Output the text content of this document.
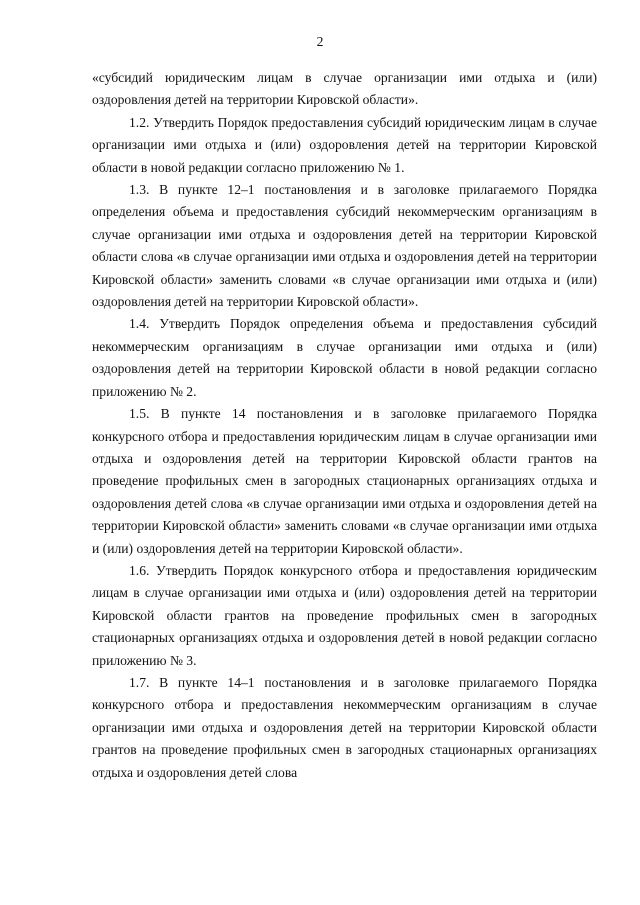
2

«субсидий юридическим лицам в случае организации ими отдыха и (или) оздоровления детей на территории Кировской области».

1.2. Утвердить Порядок предоставления субсидий юридическим лицам в случае организации ими отдыха и (или) оздоровления детей на территории Кировской области в новой редакции согласно приложению № 1.

1.3. В пункте 12–1 постановления и в заголовке прилагаемого Порядка определения объема и предоставления субсидий некоммерческим организациям в случае организации ими отдыха и оздоровления детей на территории Кировской области слова «в случае организации ими отдыха и оздоровления детей на территории Кировской области» заменить словами «в случае организации ими отдыха и (или) оздоровления детей на территории Кировской области».

1.4. Утвердить Порядок определения объема и предоставления субсидий некоммерческим организациям в случае организации ими отдыха и (или) оздоровления детей на территории Кировской области в новой редакции согласно приложению № 2.

1.5. В пункте 14 постановления и в заголовке прилагаемого Порядка конкурсного отбора и предоставления юридическим лицам в случае организации ими отдыха и оздоровления детей на территории Кировской области грантов на проведение профильных смен в загородных стационарных организациях отдыха и оздоровления детей слова «в случае организации ими отдыха и оздоровления детей на территории Кировской области» заменить словами «в случае организации ими отдыха и (или) оздоровления детей на территории Кировской области».

1.6. Утвердить Порядок конкурсного отбора и предоставления юридическим лицам в случае организации ими отдыха и (или) оздоровления детей на территории Кировской области грантов на проведение профильных смен в загородных стационарных организациях отдыха и оздоровления детей в новой редакции согласно приложению № 3.

1.7. В пункте 14–1 постановления и в заголовке прилагаемого Порядка конкурсного отбора и предоставления некоммерческим организациям в случае организации ими отдыха и оздоровления детей на территории Кировской области грантов на проведение профильных смен в загородных стационарных организациях отдыха и оздоровления детей слова
